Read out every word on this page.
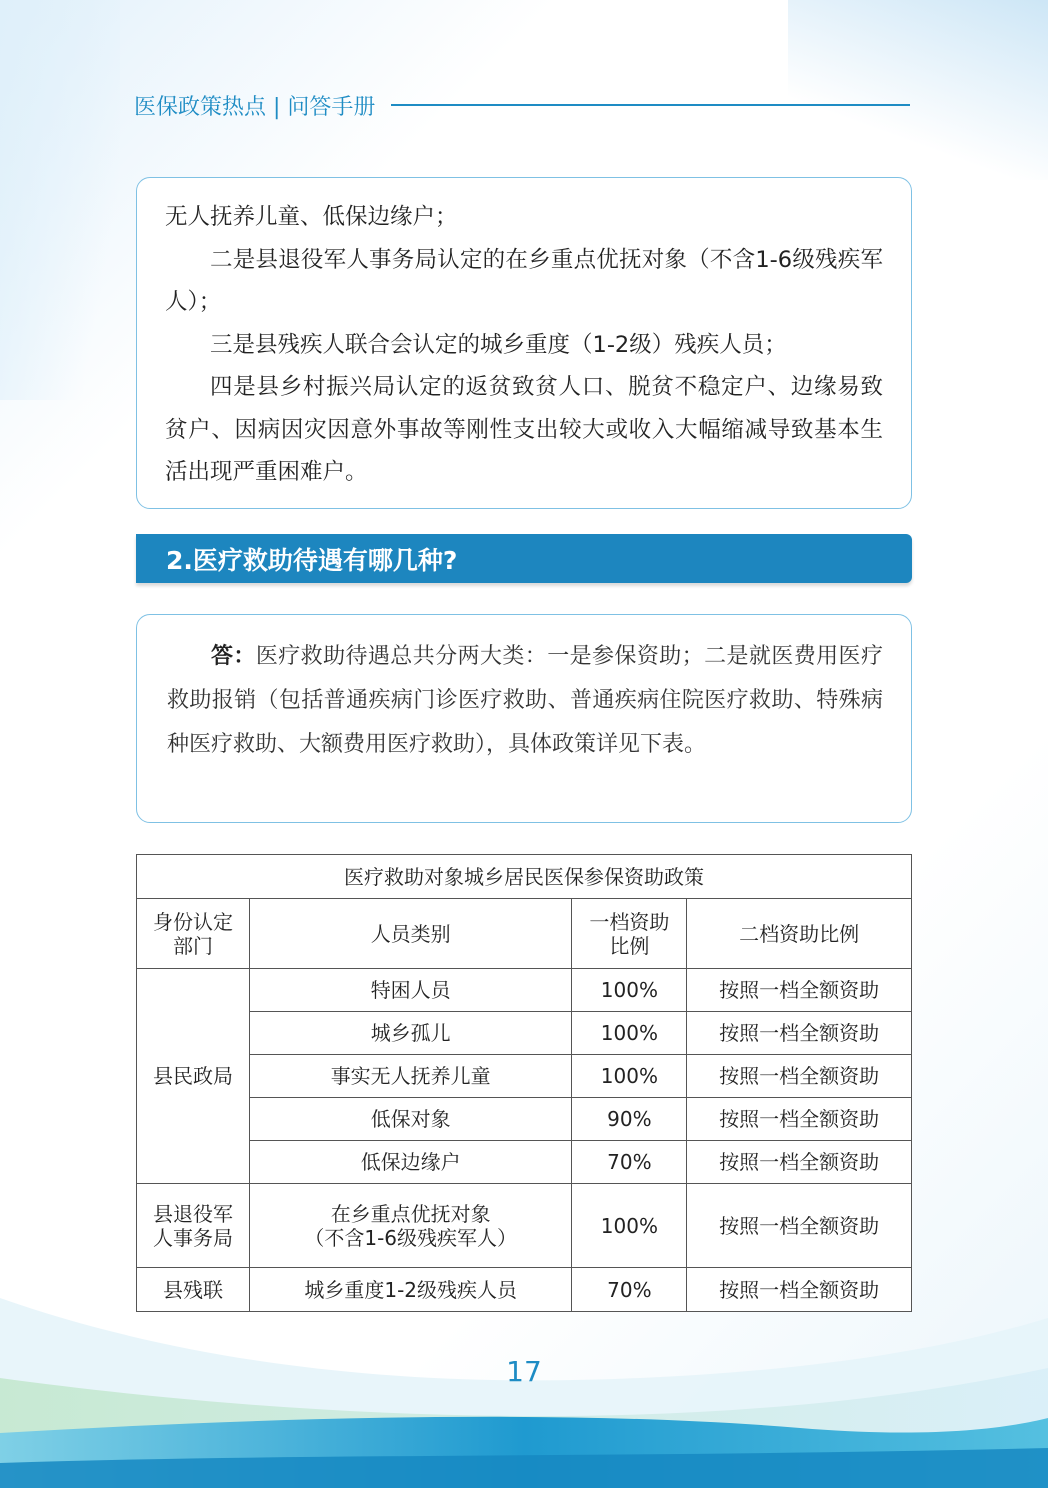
医保政策热点 | 问答手册

无人抚养儿童、低保边缘户；

二是县退役军人事务局认定的在乡重点优抚对象（不含1-6级残疾军人）；

三是县残疾人联合会认定的城乡重度（1-2级）残疾人员；

四是县乡村振兴局认定的返贫致贫人口、脱贫不稳定户、边缘易致贫户、因病因灾因意外事故等刚性支出较大或收入大幅缩减导致基本生活出现严重困难户。

2.医疗救助待遇有哪几种?

答：医疗救助待遇总共分两大类：一是参保资助；二是就医费用医疗救助报销（包括普通疾病门诊医疗救助、普通疾病住院医疗救助、特殊病种医疗救助、大额费用医疗救助），具体政策详见下表。

医疗救助对象城乡居民医保参保资助政策			

身份认定部门	人员类别	一档资助比例	二档资助比例
县民政局	特困人员	100%	按照一档全额资助
	城乡孤儿	100%	按照一档全额资助
	事实无人抚养儿童	100%	按照一档全额资助
	低保对象	90%	按照一档全额资助
	低保边缘户	70%	按照一档全额资助

县退役军人事务局	在乡重点优抚对象
（不含1-6级残疾军人）	100%	按照一档全额资助
县残联	城乡重度1-2级残疾人员	70%	按照一档全额资助
17
